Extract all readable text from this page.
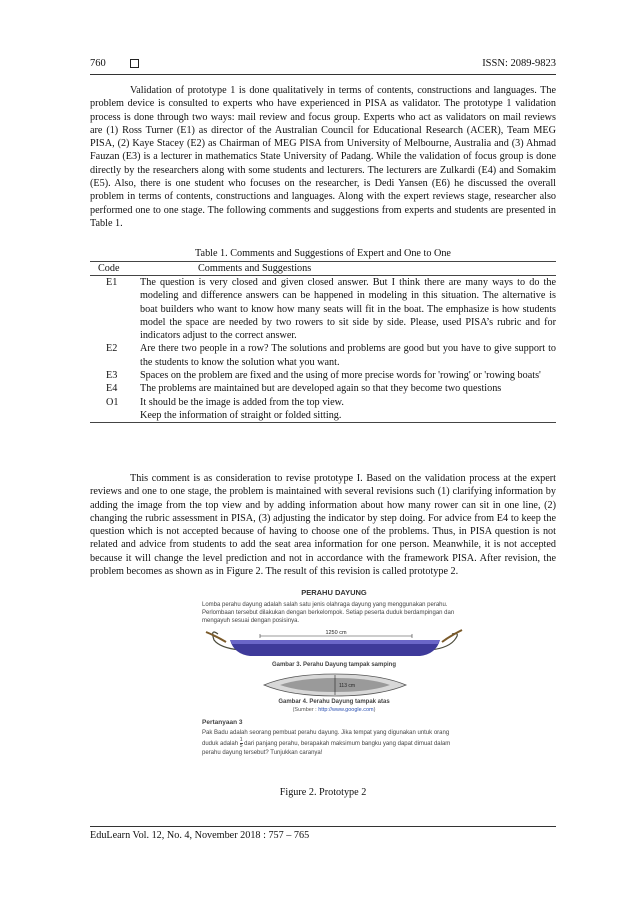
760	ISSN: 2089-9823

Validation of prototype 1 is done qualitatively in terms of contents, constructions and languages. The problem device is consulted to experts who have experienced in PISA as validator. The prototype 1 validation process is done through two ways: mail review and focus group. Experts who act as validators on mail reviews are (1) Ross Turner (E1) as director of the Australian Council for Educational Research (ACER), Team MEG PISA, (2) Kaye Stacey (E2) as Chairman of MEG PISA from University of Melbourne, Australia and (3) Ahmad Fauzan (E3) is a lecturer in mathematics State University of Padang. While the validation of focus group is done directly by the researchers along with some students and lecturers. The lecturers are Zulkardi (E4) and Somakim (E5). Also, there is one student who focuses on the researcher, is Dedi Yansen (E6) he discussed the overall problem in terms of contents, constructions and languages. Along with the expert reviews stage, researcher also performed one to one stage. The following comments and suggestions from experts and students are presented in Table 1.

Table 1. Comments and Suggestions of Expert and One to One
Code	Comments and Suggestions
E1	The question is very closed and given closed answer. But I think there are many ways to do the modeling and difference answers can be happened in modeling in this situation. The alternative is boat builders who want to know how many seats will fit in the boat. The emphasize is how students model the space are needed by two rowers to sit side by side. Please, used PISA’s rubric and for indicators adjust to the correct answer.
E2	Are there two people in a row? The solutions and problems are good but you have to give support to the students to know the solution what you want.
E3	Spaces on the problem are fixed and the using of more precise words for 'rowing' or 'rowing boats'
E4	The problems are maintained but are developed again so that they become two questions
O1	It should be the image is added from the top view.
Keep the information of straight or folded sitting.

This comment is as consideration to revise prototype I. Based on the validation process at the expert reviews and one to one stage, the problem is maintained with several revisions such (1) clarifying information by adding the image from the top view and by adding information about how many rower can sit in one line, (2) changing the rubric assessment in PISA, (3) adjusting the indicator by step doing. For advice from E4 to keep the question which is not accepted because of having to choose one of the problems. Thus, in PISA question is not related and advice from students to add the seat area information for one person. Meanwhile, it is not accepted because it will change the level prediction and not in accordance with the framework PISA. After revision, the problem becomes as shown as in Figure 2. The result of this revision is called prototype 2.

PERAHU DAYUNG
Lomba perahu dayung adalah salah satu jenis olahraga dayung yang menggunakan perahu. Perlombaan tersebut dilakukan dengan berkelompok. Setiap peserta duduk berdampingan dan mengayuh sesuai dengan posisinya.
1250 cm
Gambar 3. Perahu Dayung tampak samping
113 cm
Gambar 4. Perahu Dayung tampak atas
(Sumber : http://www.google.com)
Pertanyaan 3
Pak Badu adalah seorang pembuat perahu dayung. Jika tempat yang digunakan untuk orang duduk adalah $\frac{1}{5}$ dari panjang perahu, berapakah maksimum bangku yang dapat dimuat dalam perahu dayung tersebut? Tunjukkan caranya!
Figure 2. Prototype 2
EduLearn Vol. 12, No. 4, November 2018 : 757 – 765
